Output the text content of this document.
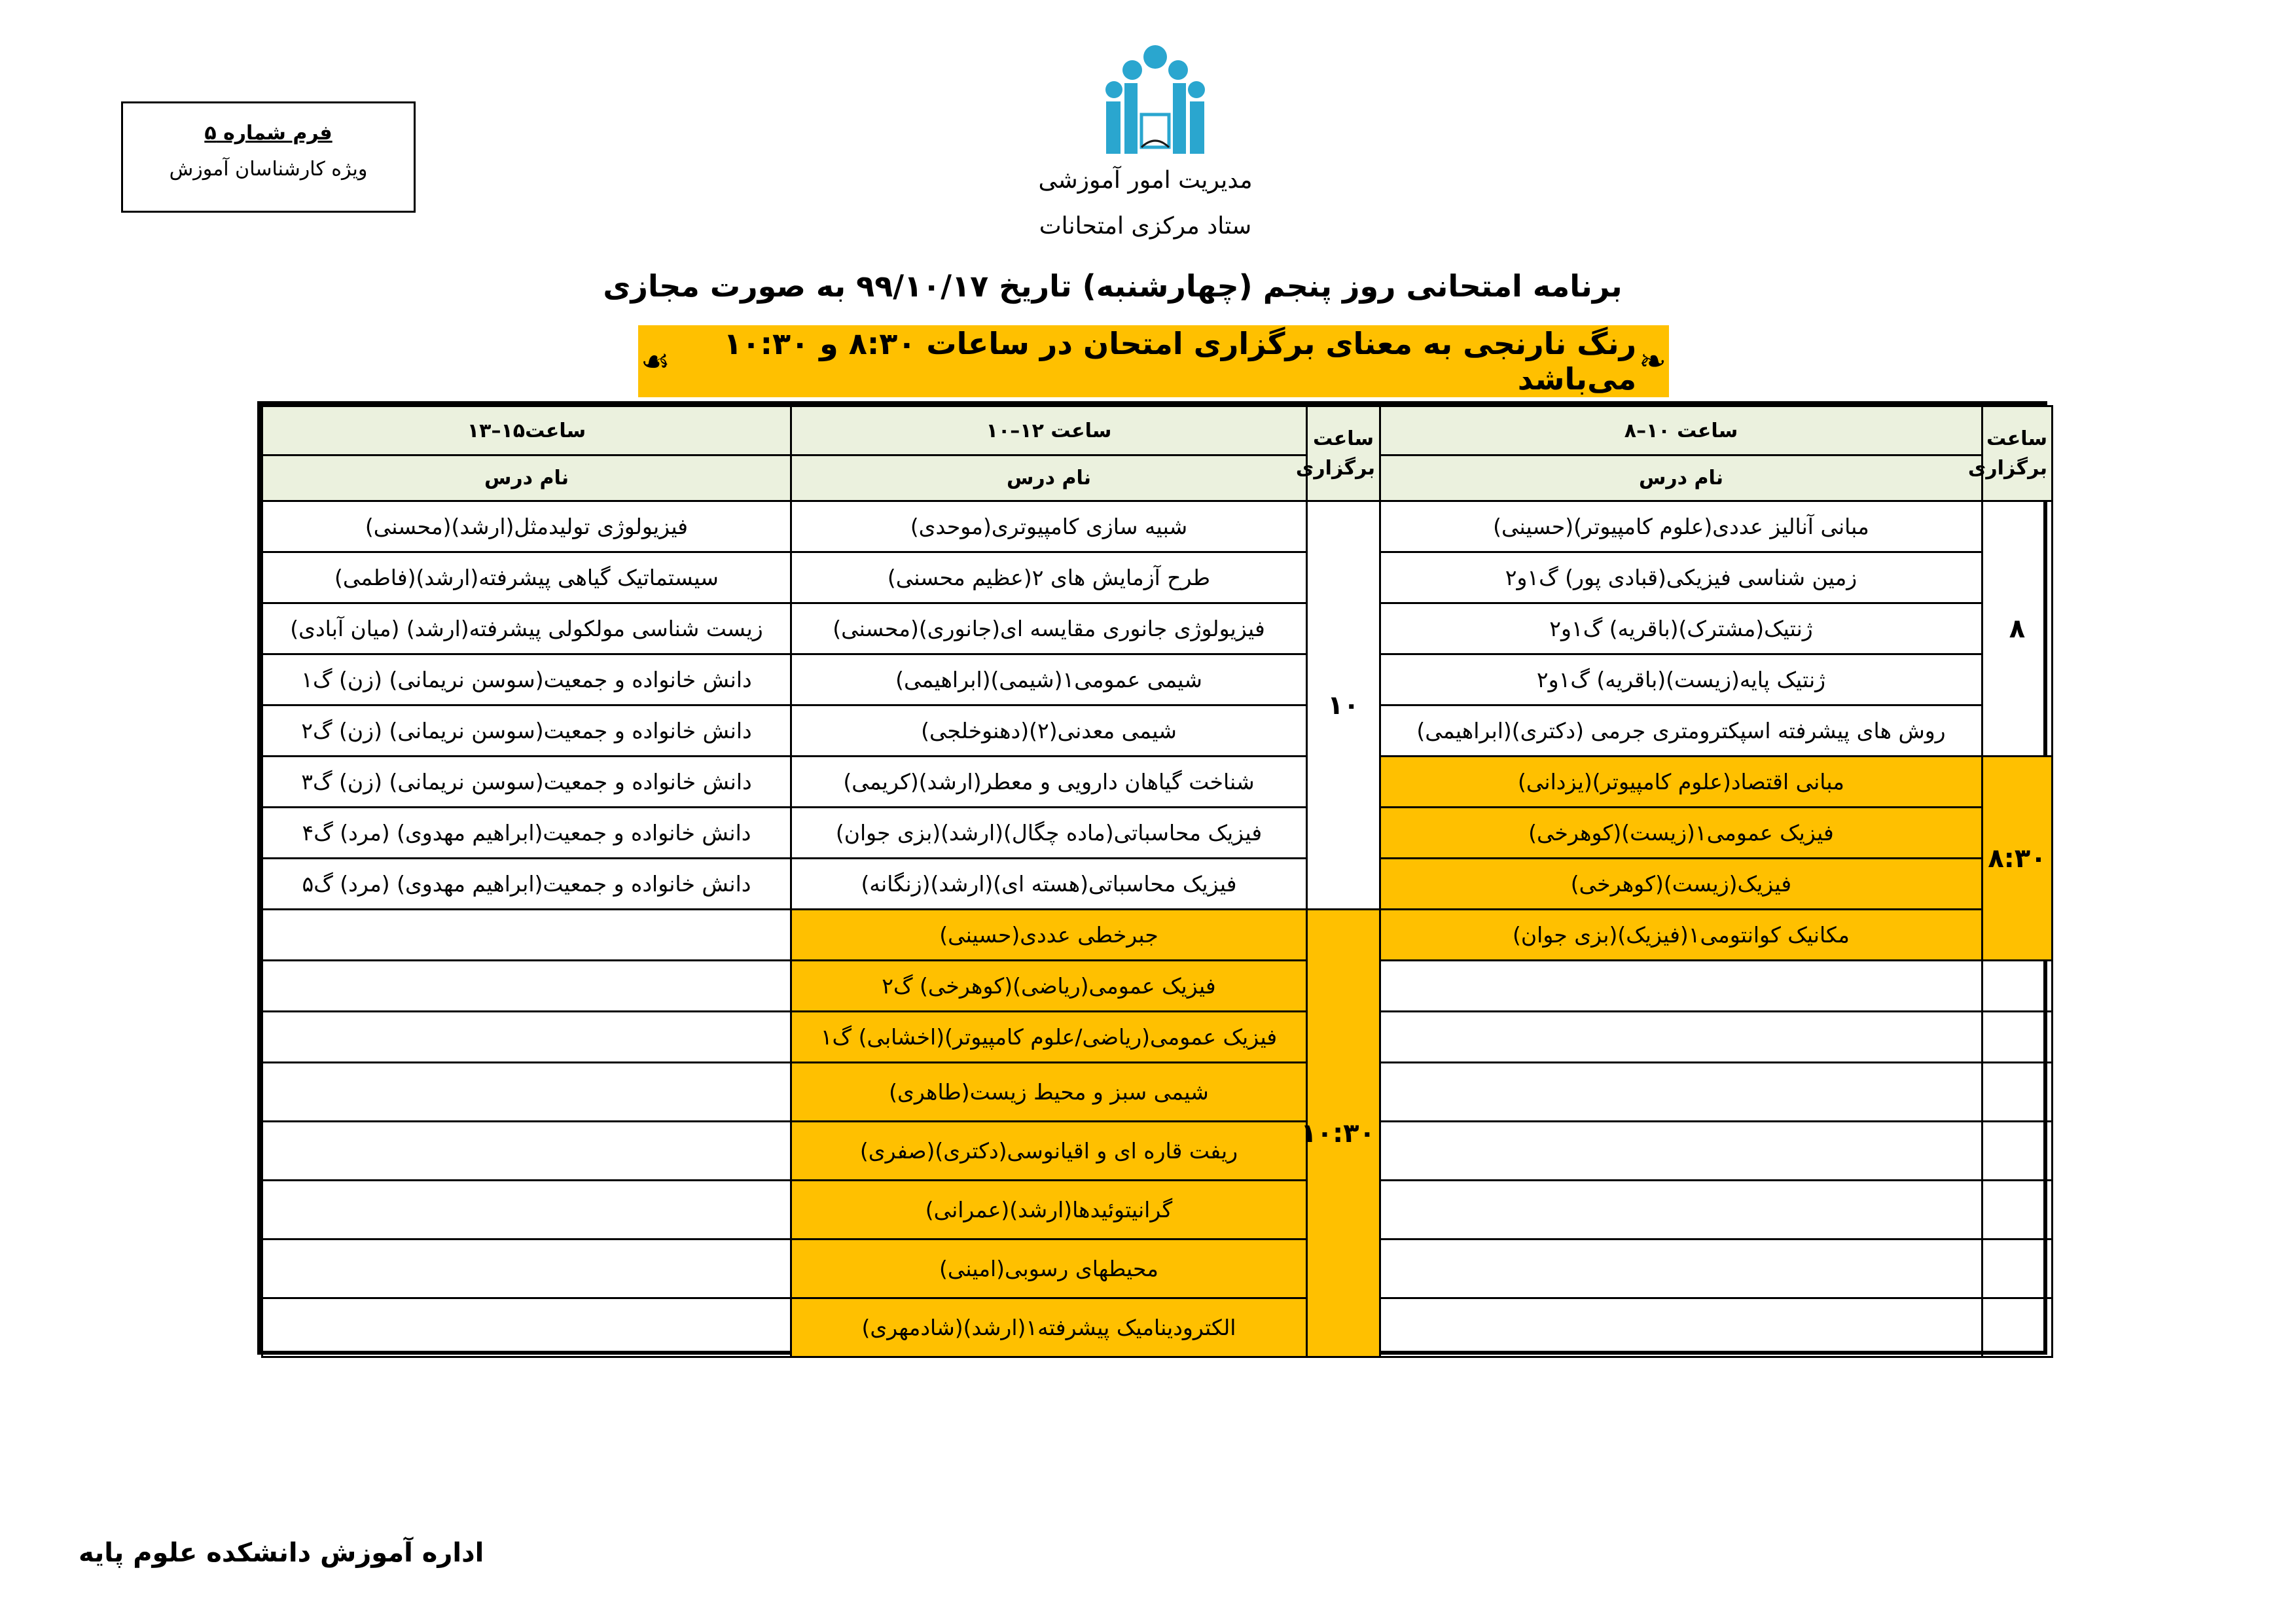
فرم شماره ۵
ویژه کارشناسان آموزش	مدیریت امور آموزشی
ستاد مرکزی امتحانات
برنامه امتحانی روز پنجم (چهارشنبه) تاریخ ۹۹/۱۰/۱۷ به صورت مجازی
❧
رنگ نارنجی به معنای برگزاری امتحان در ساعات ۸:۳۰ و ۱۰:۳۰ می‌باشد
☙
ساعت برگزاری	ساعت ۱۰–۸	ساعت برگزاری	ساعت ۱۲–۱۰	ساعت۱۵–۱۳
	نام درس		نام درس	نام درس
۸	مبانی آنالیز عددی(علوم کامپیوتر)(حسینی)	۱۰	شبیه سازی کامپیوتری(موحدی)	فیزیولوژی تولیدمثل(ارشد)(محسنی)
	زمین شناسی فیزیکی(قبادی پور) گ۱و۲		طرح آزمایش های ۲(عظیم محسنی)	سیستماتیک گیاهی پیشرفته(ارشد)(فاطمی)
	ژنتیک(مشترک)(باقریه) گ۱و۲		فیزیولوژی جانوری مقایسه ای(جانوری)(محسنی)	زیست شناسی مولکولی پیشرفته(ارشد) (میان آبادی)
	ژنتیک پایه(زیست)(باقریه) گ۱و۲		شیمی عمومی۱(شیمی)(ابراهیمی)	دانش خانواده و جمعیت(سوسن نریمانی) (زن) گ۱
	روش های پیشرفته اسپکترومتری جرمی (دکتری)(ابراهیمی)		شیمی معدنی(۲)(دهنوخلجی)	دانش خانواده و جمعیت(سوسن نریمانی) (زن) گ۲
۸:۳۰	مبانی اقتصاد(علوم کامپیوتر)(یزدانی)		شناخت گیاهان دارویی و معطر(ارشد)(کریمی)	دانش خانواده و جمعیت(سوسن نریمانی) (زن) گ۳
	فیزیک عمومی۱(زیست)(کوهرخی)		فیزیک محاسباتی(ماده چگال)(ارشد)(بزی جوان)	دانش خانواده و جمعیت(ابراهیم مهدوی) (مرد) گ۴
	فیزیک(زیست)(کوهرخی)		فیزیک محاسباتی(هسته ای)(ارشد)(زنگانه)	دانش خانواده و جمعیت(ابراهیم مهدوی) (مرد) گ۵
	مکانیک کوانتومی۱(فیزیک)(بزی جوان)	۱۰:۳۰	جبرخطی عددی(حسینی)	
			فیزیک عمومی(ریاضی)(کوهرخی) گ۲	
			فیزیک عمومی(ریاضی/علوم کامپیوتر)(اخشابی) گ۱	
			شیمی سبز و محیط زیست(طاهری)	
			ریفت قاره ای و اقیانوسی(دکتری)(صفری)	
			گرانیتوئیدها(ارشد)(عمرانی)	
			محیطهای رسوبی(امینی)	
			الکترودینامیک پیشرفته۱(ارشد)(شادمهری)	
اداره آموزش دانشکده علوم پایه
